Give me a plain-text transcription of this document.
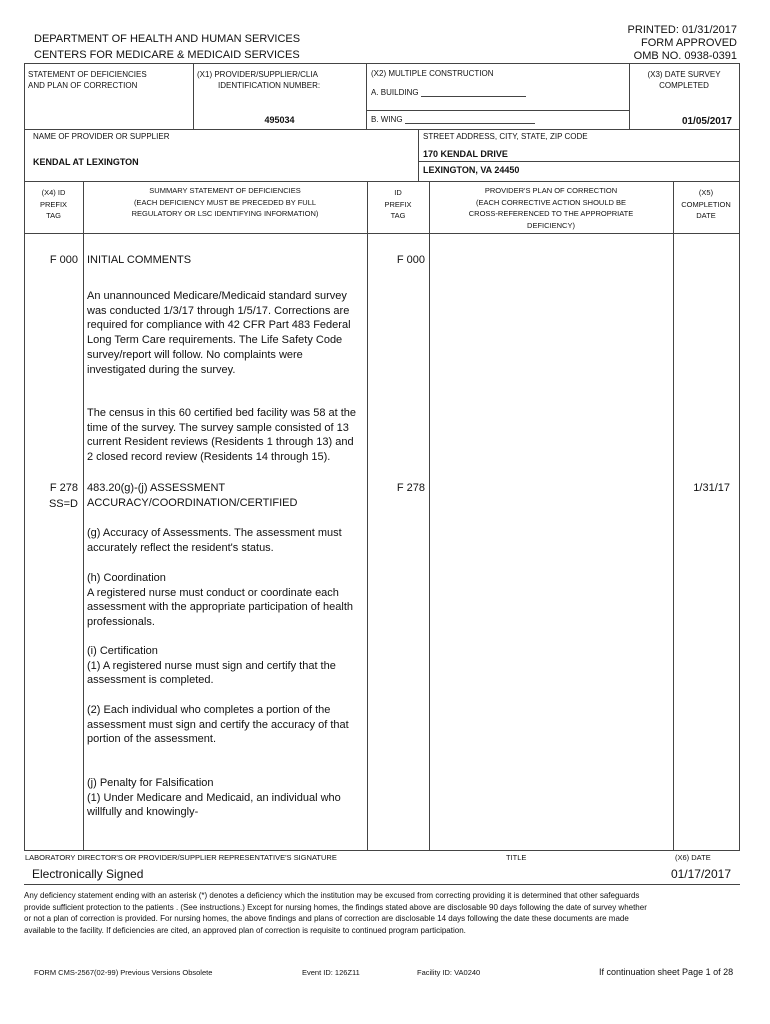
DEPARTMENT OF HEALTH AND HUMAN SERVICES
CENTERS FOR MEDICARE & MEDICAID SERVICES
PRINTED: 01/31/2017
FORM APPROVED
OMB NO. 0938-0391
STATEMENT OF DEFICIENCIES
AND PLAN OF CORRECTION
(X1) PROVIDER/SUPPLIER/CLIA
IDENTIFICATION NUMBER:
495034
(X2) MULTIPLE CONSTRUCTION
A. BUILDING
B. WING
(X3) DATE SURVEY
COMPLETED
01/05/2017
NAME OF PROVIDER OR SUPPLIER
KENDAL AT LEXINGTON
STREET ADDRESS, CITY, STATE, ZIP CODE
170 KENDAL DRIVE
LEXINGTON, VA 24450
(X4) ID
PREFIX
TAG
SUMMARY STATEMENT OF DEFICIENCIES
(EACH DEFICIENCY MUST BE PRECEDED BY FULL
REGULATORY OR LSC IDENTIFYING INFORMATION)
ID
PREFIX
TAG
PROVIDER'S PLAN OF CORRECTION
(EACH CORRECTIVE ACTION SHOULD BE
CROSS-REFERENCED TO THE APPROPRIATE
DEFICIENCY)
(X5)
COMPLETION
DATE
F 000 INITIAL COMMENTS	F 000
An unannounced Medicare/Medicaid standard survey was conducted 1/3/17 through 1/5/17. Corrections are required for compliance with 42 CFR Part 483 Federal Long Term Care requirements. The Life Safety Code survey/report will follow. No complaints were investigated during the survey.
The census in this 60 certified bed facility was 58 at the time of the survey. The survey sample consisted of 13 current Resident reviews (Residents 1 through 13) and 2 closed record review (Residents 14 through 15).
F 278
SS=D
483.20(g)-(j) ASSESSMENT
ACCURACY/COORDINATION/CERTIFIED
F 278	1/31/17
(g) Accuracy of Assessments. The assessment must accurately reflect the resident's status.
(h) Coordination
A registered nurse must conduct or coordinate each assessment with the appropriate participation of health professionals.
(i) Certification
(1) A registered nurse must sign and certify that the assessment is completed.
(2) Each individual who completes a portion of the assessment must sign and certify the accuracy of that portion of the assessment.
(j) Penalty for Falsification
(1) Under Medicare and Medicaid, an individual who willfully and knowingly-
LABORATORY DIRECTOR'S OR PROVIDER/SUPPLIER REPRESENTATIVE'S SIGNATURE	TITLE	(X6) DATE
Electronically Signed	01/17/2017
Any deficiency statement ending with an asterisk (*) denotes a deficiency which the institution may be excused from correcting providing it is determined that other safeguards provide sufficient protection to the patients . (See instructions.) Except for nursing homes, the findings stated above are disclosable 90 days following the date of survey whether or not a plan of correction is provided. For nursing homes, the above findings and plans of correction are disclosable 14 days following the date these documents are made available to the facility. If deficiencies are cited, an approved plan of correction is requisite to continued program participation.
FORM CMS-2567(02-99) Previous Versions Obsolete	Event ID: 126Z11	Facility ID: VA0240	If continuation sheet Page 1 of 28
